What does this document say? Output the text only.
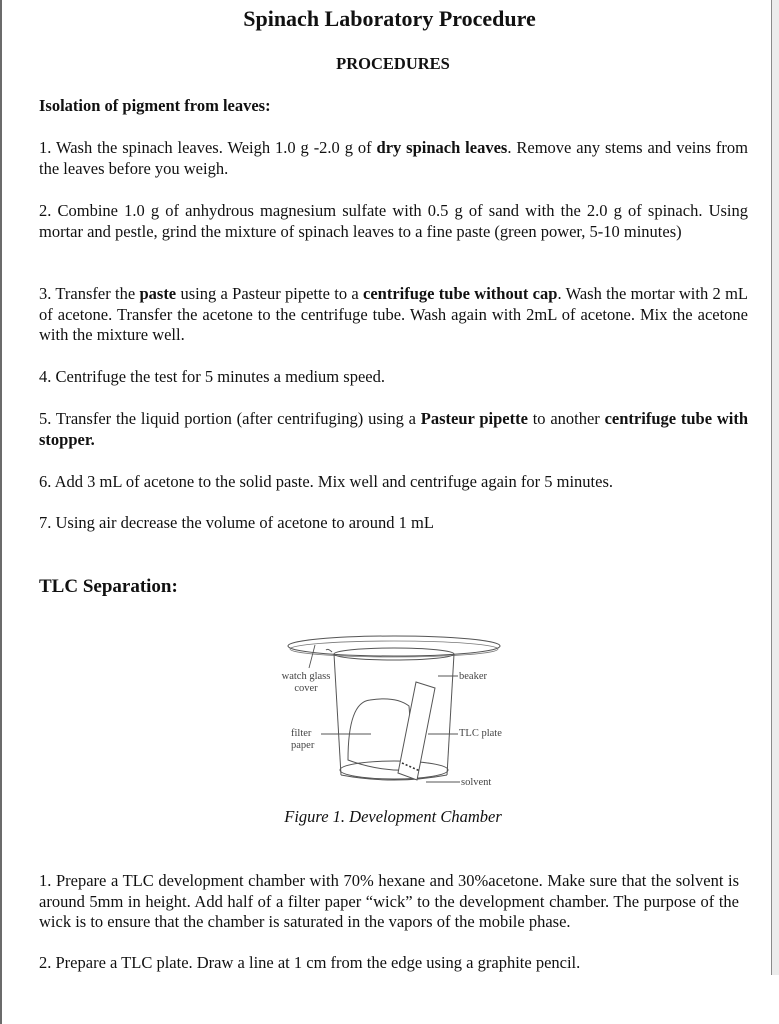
Spinach Laboratory Procedure
PROCEDURES
Isolation of pigment from leaves:
1. Wash the spinach leaves. Weigh 1.0 g -2.0 g of dry spinach leaves. Remove any stems and veins from the leaves before you weigh.
2. Combine 1.0 g of anhydrous magnesium sulfate with 0.5 g of sand with the 2.0 g of spinach. Using mortar and pestle, grind the mixture of spinach leaves to a fine paste (green power, 5-10 minutes)
3. Transfer the paste using a Pasteur pipette to a centrifuge tube without cap. Wash the mortar with 2 mL of acetone. Transfer the acetone to the centrifuge tube. Wash again with 2mL of acetone. Mix the acetone with the mixture well.
4. Centrifuge the test for 5 minutes a medium speed.
5. Transfer the liquid portion (after centrifuging) using a Pasteur pipette to another centrifuge tube with stopper.
6. Add 3 mL of acetone to the solid paste. Mix well and centrifuge again for 5 minutes.
7. Using air decrease the volume of acetone to around 1 mL
TLC Separation:
watch glass
cover
beaker
filter
paper
TLC plate
solvent
Figure 1. Development Chamber
1. Prepare a TLC development chamber with 70% hexane and 30%acetone. Make sure that the solvent is around 5mm in height. Add half of a filter paper “wick” to the development chamber. The purpose of the wick is to ensure that the chamber is saturated in the vapors of the mobile phase.
2. Prepare a TLC plate. Draw a line at 1 cm from the edge using a graphite pencil.
